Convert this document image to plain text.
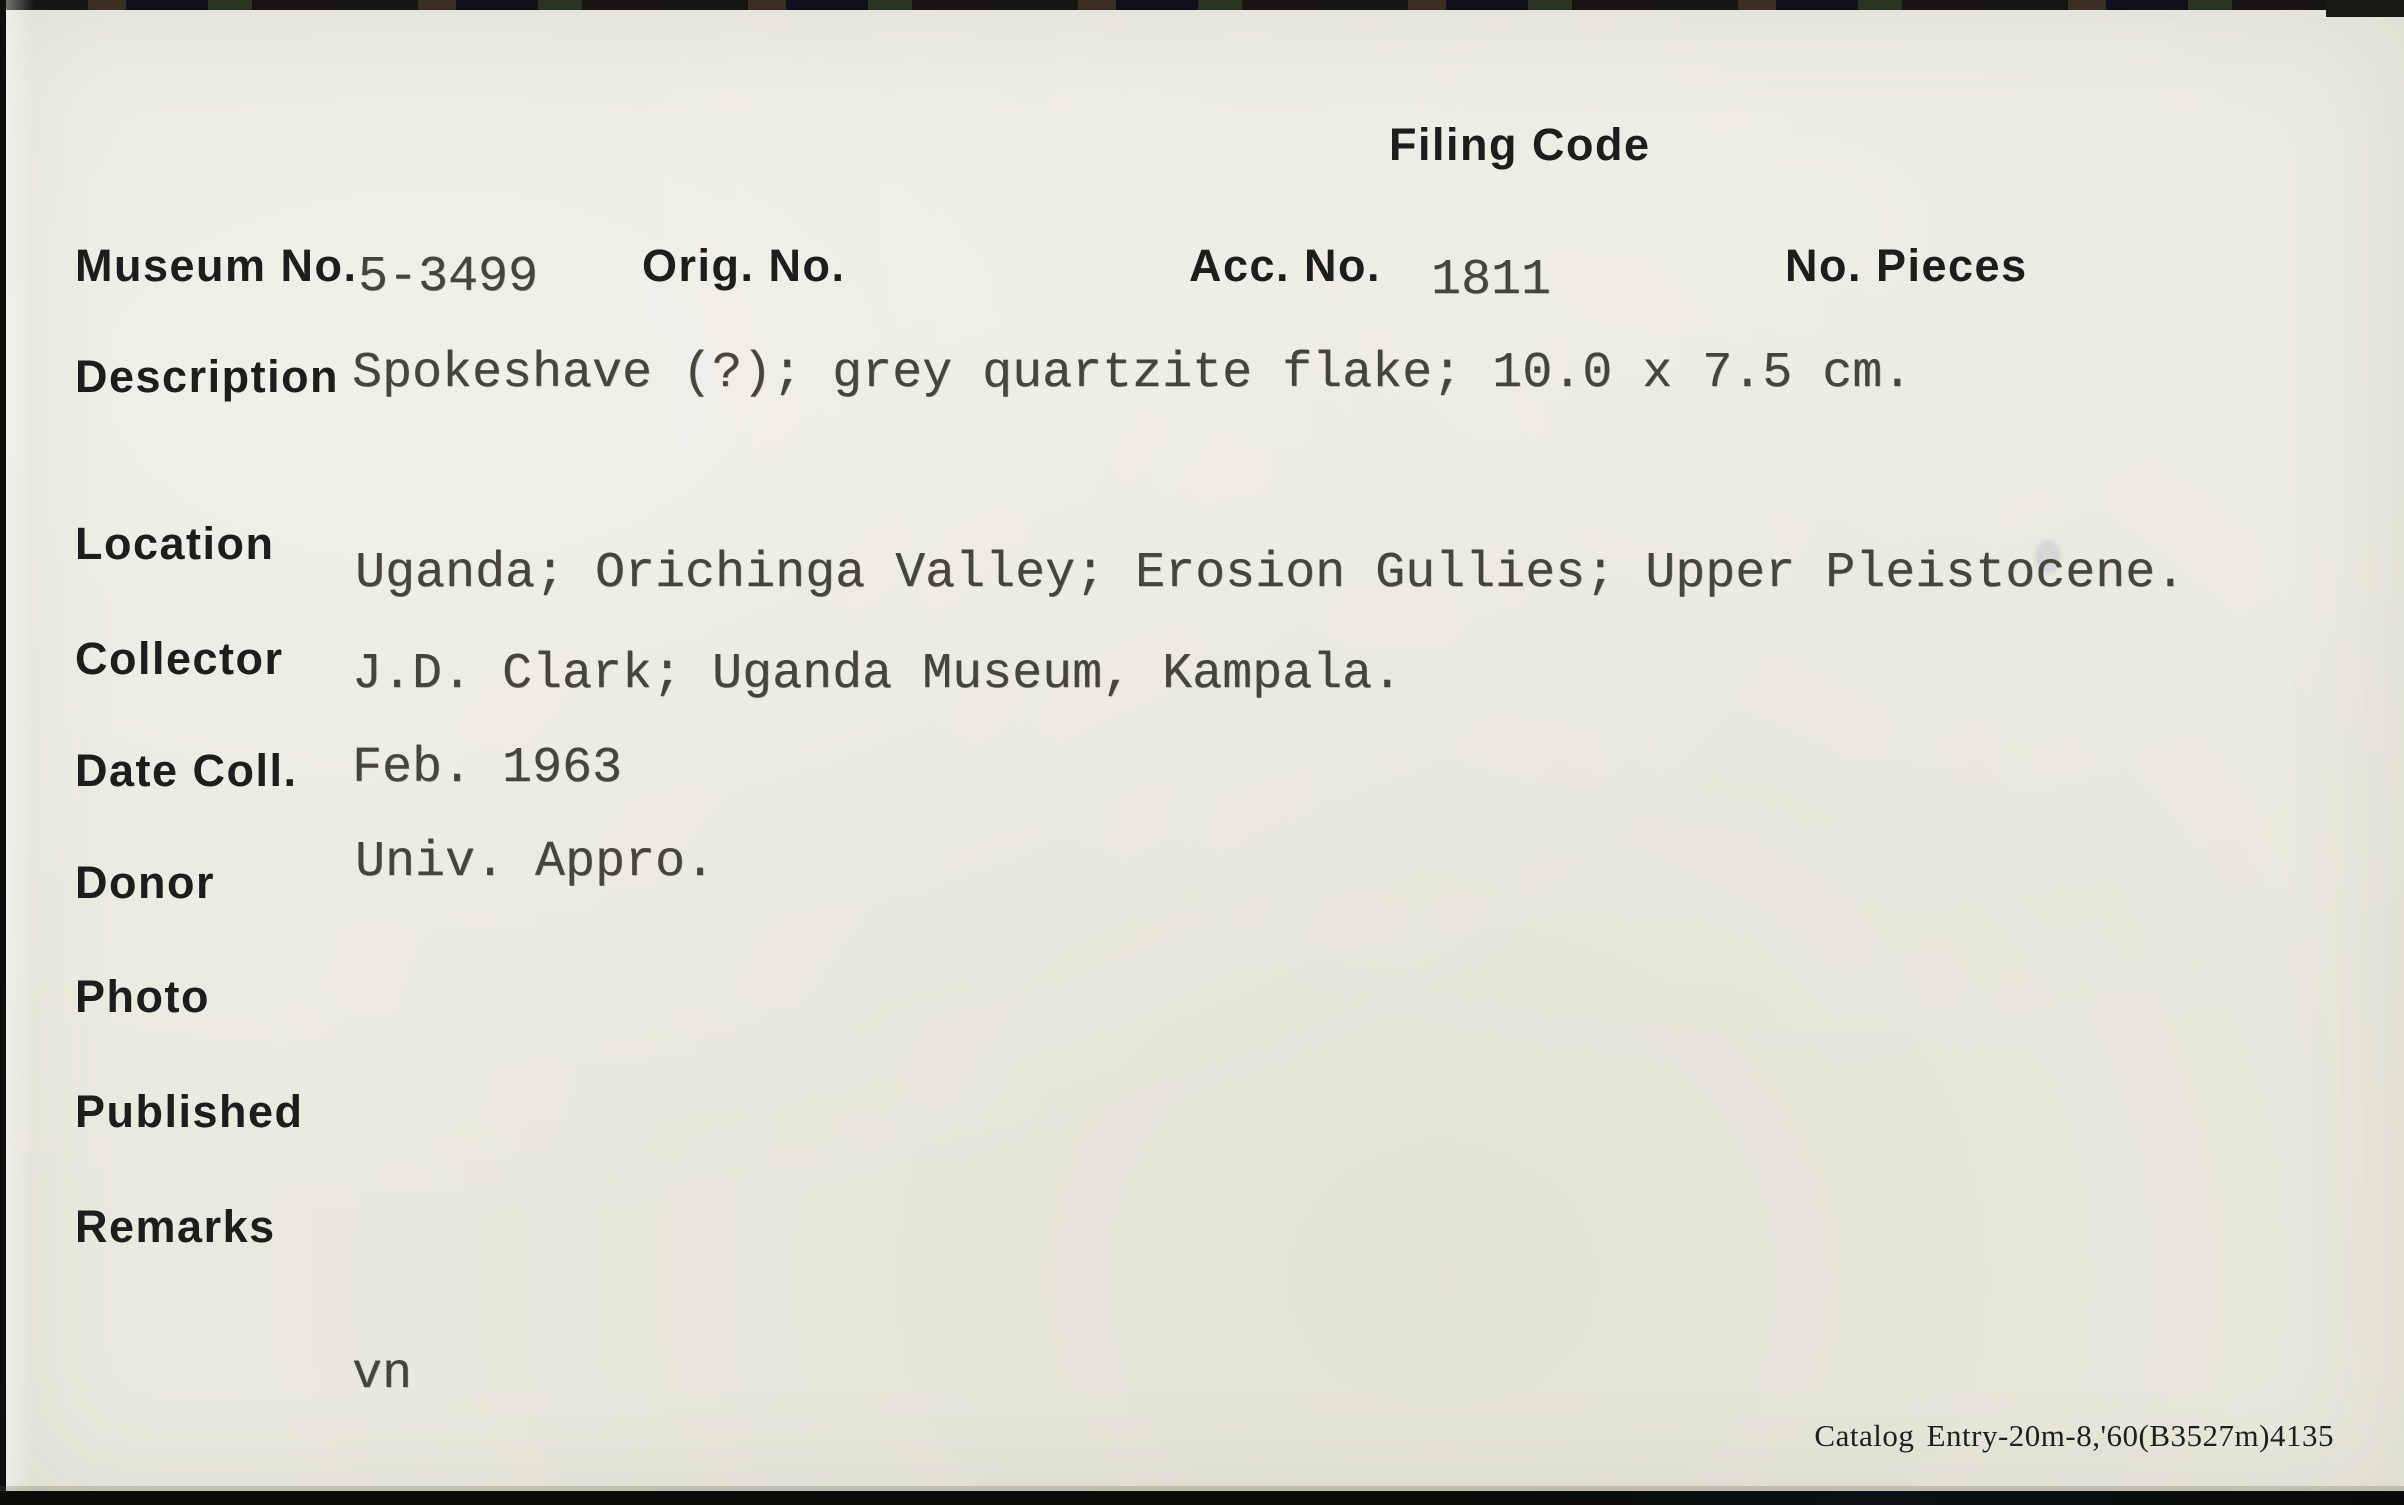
Filing Code
Museum No. 5-3499 Orig. No.	Acc. No. 1811	No. Pieces
Description Spokeshave (?); grey quartzite flake; 10.0 x 7.5 cm.
Location
Uganda; Orichinga Valley; Erosion Gullies; Upper Pleistocene.
Collector J.D. Clark; Uganda Museum, Kampala.
Date Coll. Feb. 1963
Donor	Univ. Appro.
Photo
Published
Remarks
vn
Catalog Entry-20m-8,'60(B3527m)4135
